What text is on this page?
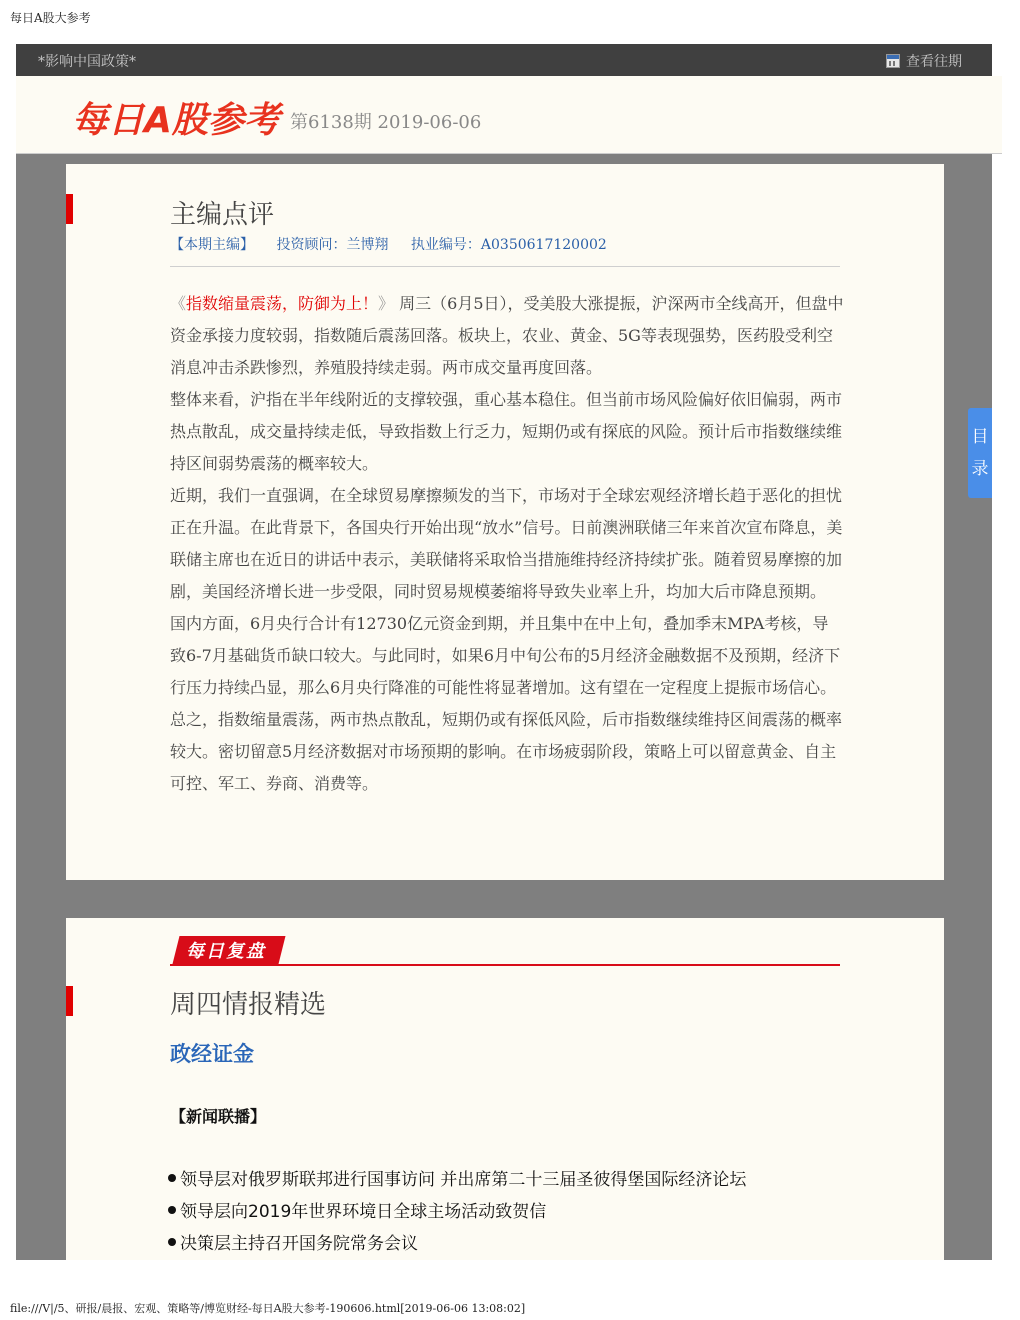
每日A股大参考
*影响中国政策*	查看往期
每日A股参考 第6138期 2019-06-06
主编点评
【本期主编】 投资顾问：兰博翔 执业编号：A0350617120002

《指数缩量震荡，防御为上！》 周三（6月5日），受美股大涨提振，沪深两市全线高开，但盘中资金承接力度较弱，指数随后震荡回落。板块上，农业、黄金、5G等表现强势，医药股受利空消息冲击杀跌惨烈，养殖股持续走弱。两市成交量再度回落。

整体来看，沪指在半年线附近的支撑较强，重心基本稳住。但当前市场风险偏好依旧偏弱，两市热点散乱，成交量持续走低，导致指数上行乏力，短期仍或有探底的风险。预计后市指数继续维持区间弱势震荡的概率较大。

近期，我们一直强调，在全球贸易摩擦频发的当下，市场对于全球宏观经济增长趋于恶化的担忧正在升温。在此背景下，各国央行开始出现“放水”信号。日前澳洲联储三年来首次宣布降息，美联储主席也在近日的讲话中表示，美联储将采取恰当措施维持经济持续扩张。随着贸易摩擦的加剧，美国经济增长进一步受限，同时贸易规模萎缩将导致失业率上升，均加大后市降息预期。

国内方面，6月央行合计有12730亿元资金到期，并且集中在中上旬，叠加季末MPA考核，导致6-7月基础货币缺口较大。与此同时，如果6月中旬公布的5月经济金融数据不及预期，经济下行压力持续凸显，那么6月央行降准的可能性将显著增加。这有望在一定程度上提振市场信心。

总之，指数缩量震荡，两市热点散乱，短期仍或有探低风险，后市指数继续维持区间震荡的概率较大。密切留意5月经济数据对市场预期的影响。在市场疲弱阶段，策略上可以留意黄金、自主可控、军工、券商、消费等。

每日复盘
周四情报精选
政经证金
【新闻联播】
领导层对俄罗斯联邦进行国事访问 并出席第二十三届圣彼得堡国际经济论坛
领导层向2019年世界环境日全球主场活动致贺信
决策层主持召开国务院常务会议
目
录
file:///V|/5、研报/晨报、宏观、策略等/博览财经-每日A股大参考-190606.html[2019-06-06 13:08:02]
